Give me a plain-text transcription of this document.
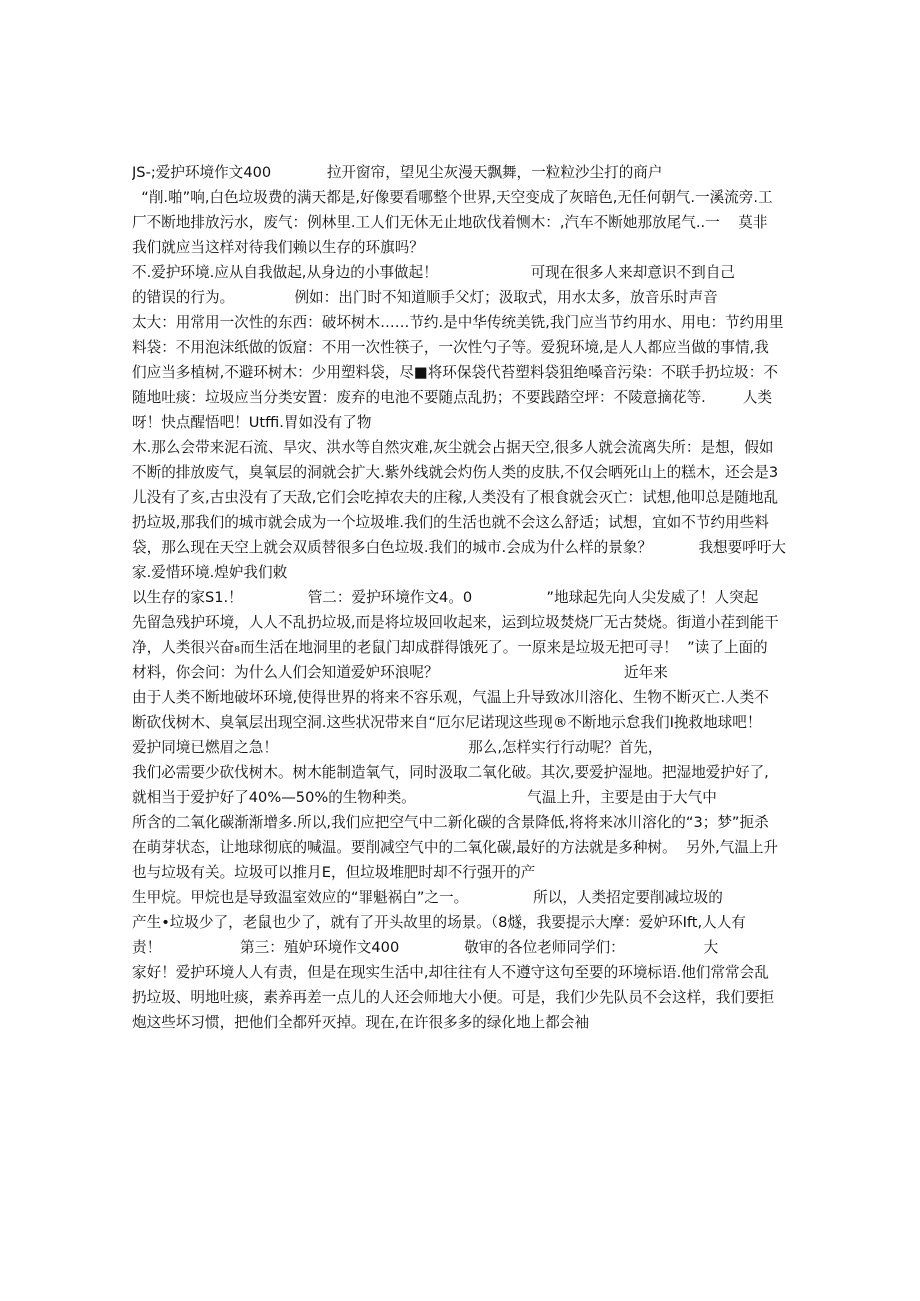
JS-;爱护环境作文400            拉开窗帘，望见尘灰漫天飘舞，一粒粒沙尘打的商户
“削.啪”响,白色垃圾费的满天都是,好像要看哪整个世界,天空变成了灰暗色,无任何朝气.一溪流旁.工
厂不断地排放污水，废气：例林里.工人们无休无止地砍伐着恻木：,汽车不断她那放尾气..一    莫非
我们就应当这样对待我们赖以生存的环旗吗？
不.爱护环境.应从自我做起,从身边的小事做起！                    可现在很多人来却意识不到自己
的错误的行为。             例如：出门时不知道顺手父灯；汲取式，用水太多，放音乐时声音
太大：用常用一次性的东西：破坏树木……节约.是中华传统美铣,我门应当节约用水、用电：节约用里
料袋：不用泡沫纸做的饭窟：不用一次性筷子，一次性勺子等。爱猊环境,是人人都应当做的事情,我
们应当多植树,不避环树木：少用塑料袋，尽■将环保袋代苔塑料袋狙绝嗓音污染：不联手扔垃圾：不
随地吐痰：垃圾应当分类安置：废弃的电池不要随点乱扔；不要践踏空坪：不陵意摘花等.        人类
呀！快点醒悟吧！Utffi.胃如没有了物
木.那么会带来泥石流、旱灾、洪水等自然灾难,灰尘就会占据天空,很多人就会流离失所：是想，假如
不断的排放废气，臭氧层的洞就会扩大.紫外线就会灼伤人类的皮肤,不仅会晒死山上的糕木，还会是3
儿没有了亥,古虫没有了天敌,它们会吃掉农夫的庄稼,人类没有了根食就会灭亡：试想,他叩总是随地乱
扔垃圾,那我们的城市就会成为一个垃圾堆.我们的生活也就不会这么舒适；试想，宜如不节约用些料
袋，那么现在天空上就会双质替很多白色垃圾.我们的城市.会成为什么样的景象？          我想要呼吁大
家.爱惜环境.煌妒我们敕
以生存的家S1.！              管二：爱护环境作文4。0                ”地球起先向人尖发威了！人突起
先留急残护环境，人人不乱扔垃圾,而是将垃圾回收起来，运到垃圾焚烧厂无古焚烧。街道小茬到能干
净，人类很兴奋₈而生活在地洞里的老鼠门却成群得饿死了。一原来是垃圾无把可寻！  ”读了上面的
材料，你会问：为什么人们会知道爱妒环浪呢？                                        近年来
由于人类不断地破坏环境,使得世界的将来不容乐观，气温上升导致冰川溶化、生物不断灭亡.人类不
断砍伐树木、臭氧层出现空洞.这些状况带来自“厄尔尼诺现这些现®不断地示怠我们I挽救地球吧！
爱护同境已燃眉之急！                                         那么,怎样实行行动呢？首先，
我们必需要少砍伐树木。树木能制造氧气，同时汲取二氧化破。其次,要爱护湿地。把湿地爱护好了,
就相当于爱护好了40%—50%的生物种类。                        气温上升，主要是由于大气中
所含的二氧化碳渐渐增多.所以,我们应把空气中二新化碳的含景降低,将将来冰川溶化的“3；梦”扼杀
在萌芽状态，让地球彻底的喊温。要削减空气中的二氧化碳,最好的方法就是多种树。  另外,气温上升
也与垃圾有关。垃圾可以推月E，但垃圾堆肥时却不行强开的产
生甲烷。甲烷也是导致温室效应的“罪魁祸白”之一。              所以，人类招定要削减垃圾的
产生•垃圾少了，老鼠也少了，就有了开头故里的场景。（8燧，我要提示大摩：爱妒环Ift,人人有
责！                 第三：殖妒环境作文400              敬审的各位老师同学们：                 大
家好！爱护环境人人有责，但是在现实生活中,却往往有人不遵守这句至要的环境标语.他们常常会乱
扔垃圾、明地吐痰，素养再差一点儿的人还会师地大小便。可是，我们少先队员不会这样，我们要拒
炮这些坏习惯，把他们全都歼灭掉。现在,在许很多多的绿化地上都会袖
